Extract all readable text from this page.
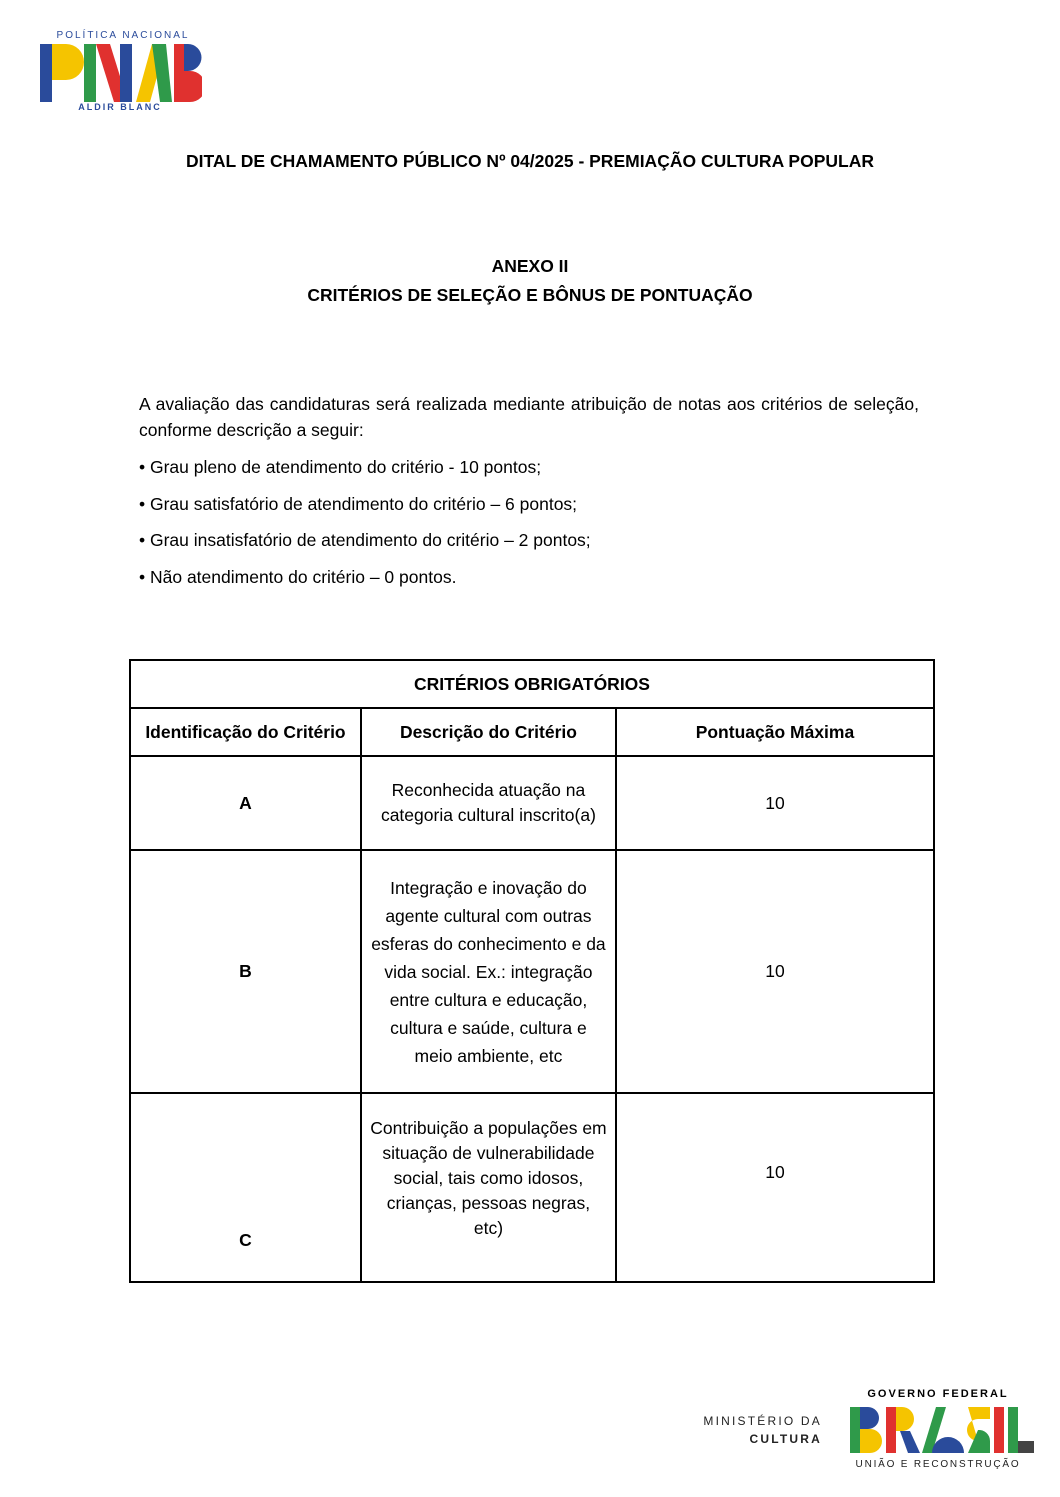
POLÍTICA NACIONAL
ALDIR BLANC
DITAL DE CHAMAMENTO PÚBLICO Nº 04/2025 - PREMIAÇÃO CULTURA POPULAR
ANEXO II
CRITÉRIOS DE SELEÇÃO E BÔNUS DE PONTUAÇÃO
A avaliação das candidaturas será realizada mediante atribuição de notas aos critérios de seleção, conforme descrição a seguir:
• Grau pleno de atendimento do critério - 10 pontos;
• Grau satisfatório de atendimento do critério – 6 pontos;
• Grau insatisfatório de atendimento do critério – 2 pontos;
• Não atendimento do critério – 0 pontos.
CRITÉRIOS OBRIGATÓRIOS		
Identificação do Critério	Descrição do Critério	Pontuação Máxima
A	Reconhecida atuação na categoria cultural inscrito(a)	10
B	Integração e inovação do agente cultural com outras esferas do conhecimento e da vida social. Ex.: integração entre cultura e educação, cultura e saúde, cultura e meio ambiente, etc	10
C	Contribuição a populações em situação de vulnerabilidade social, tais como idosos, crianças, pessoas negras, etc)	10
MINISTÉRIO DA
CULTURA
GOVERNO FEDERAL
UNIÃO E RECONSTRUÇÃO
